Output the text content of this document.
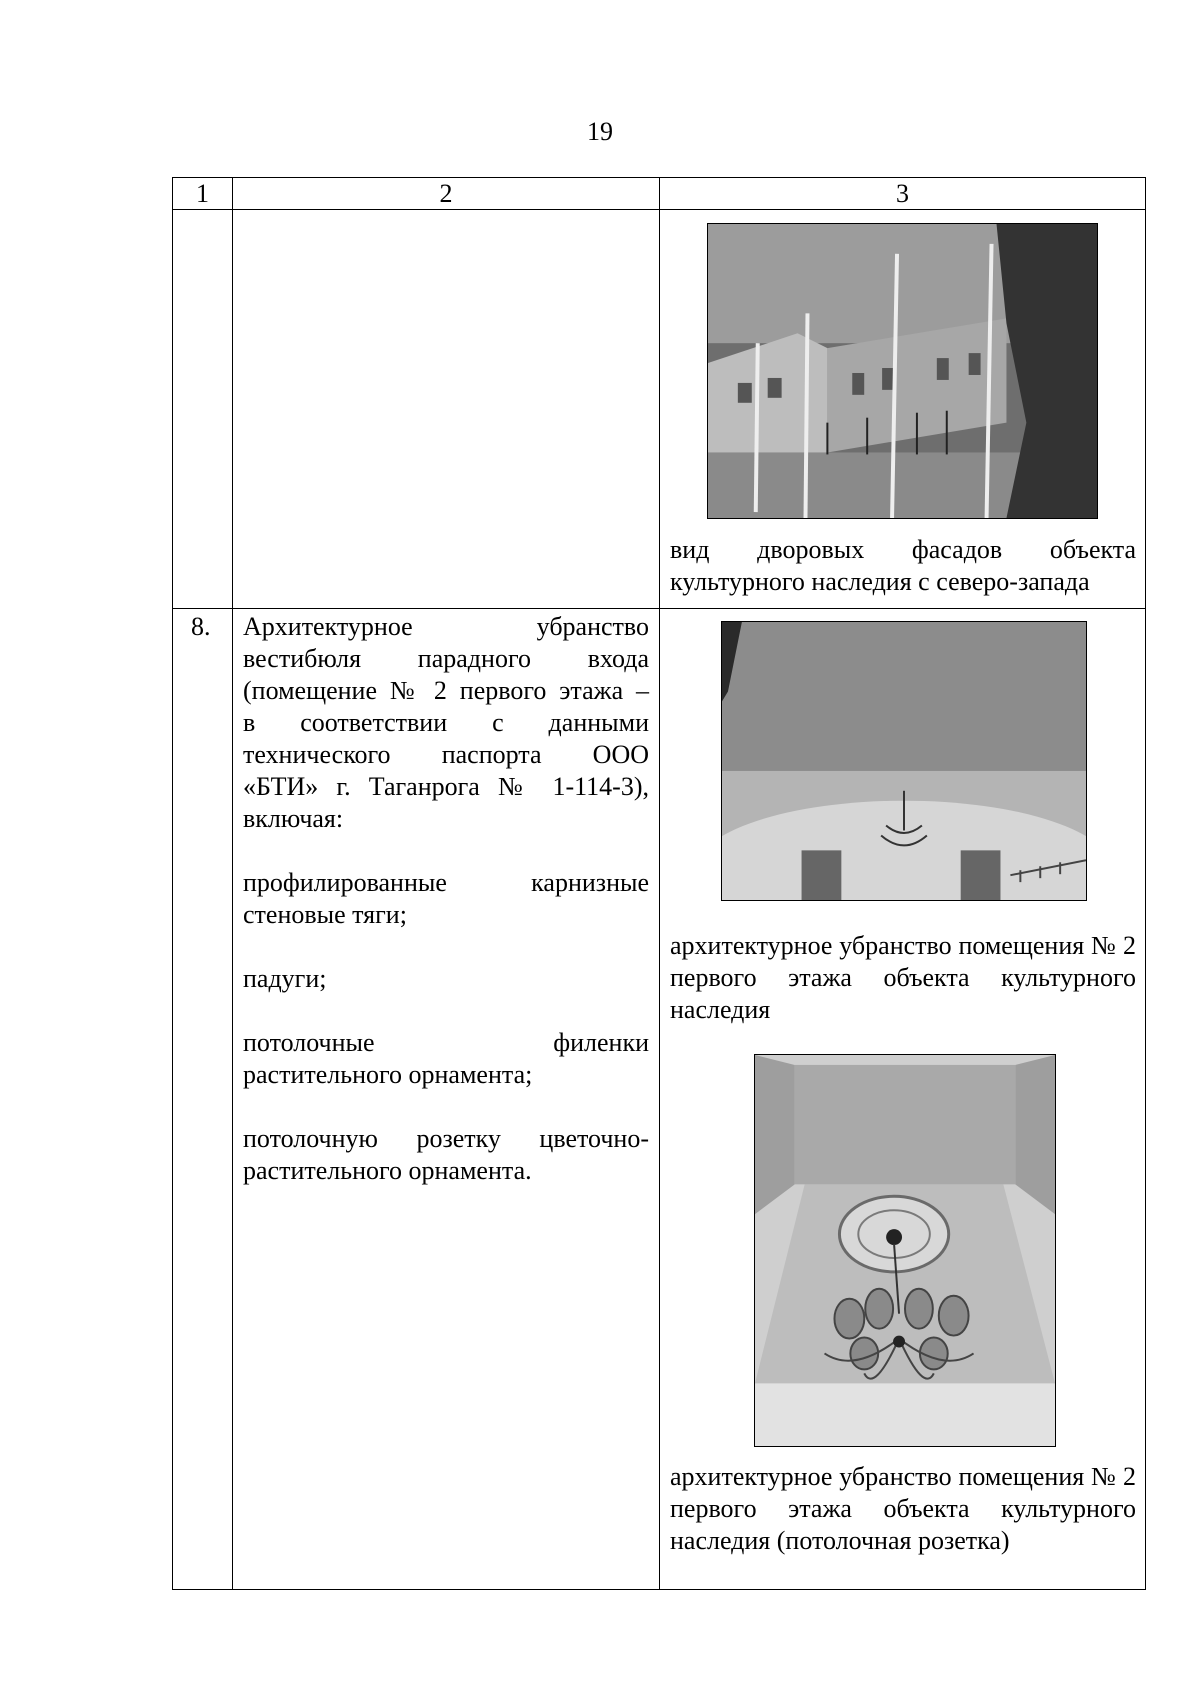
19
1	2	3
вид дворовых фасадов объекта культурного наследия с северо-запада
8. Архитектурное убранство

вестибюля парадного входа

(помещение № 2 первого этажа –

в соответствии с данными

технического паспорта ООО

«БТИ» г. Таганрога № 1-114-3),

включая:

профилированные карнизные

стеновые тяги;

падуги;

потолочные филенки

растительного орнамента;

потолочную розетку цветочно-

растительного орнамента.

архитектурное убранство помещения № 2 первого этажа объекта культурного наследия
архитектурное убранство помещения № 2 первого этажа объекта культурного наследия (потолочная розетка)
